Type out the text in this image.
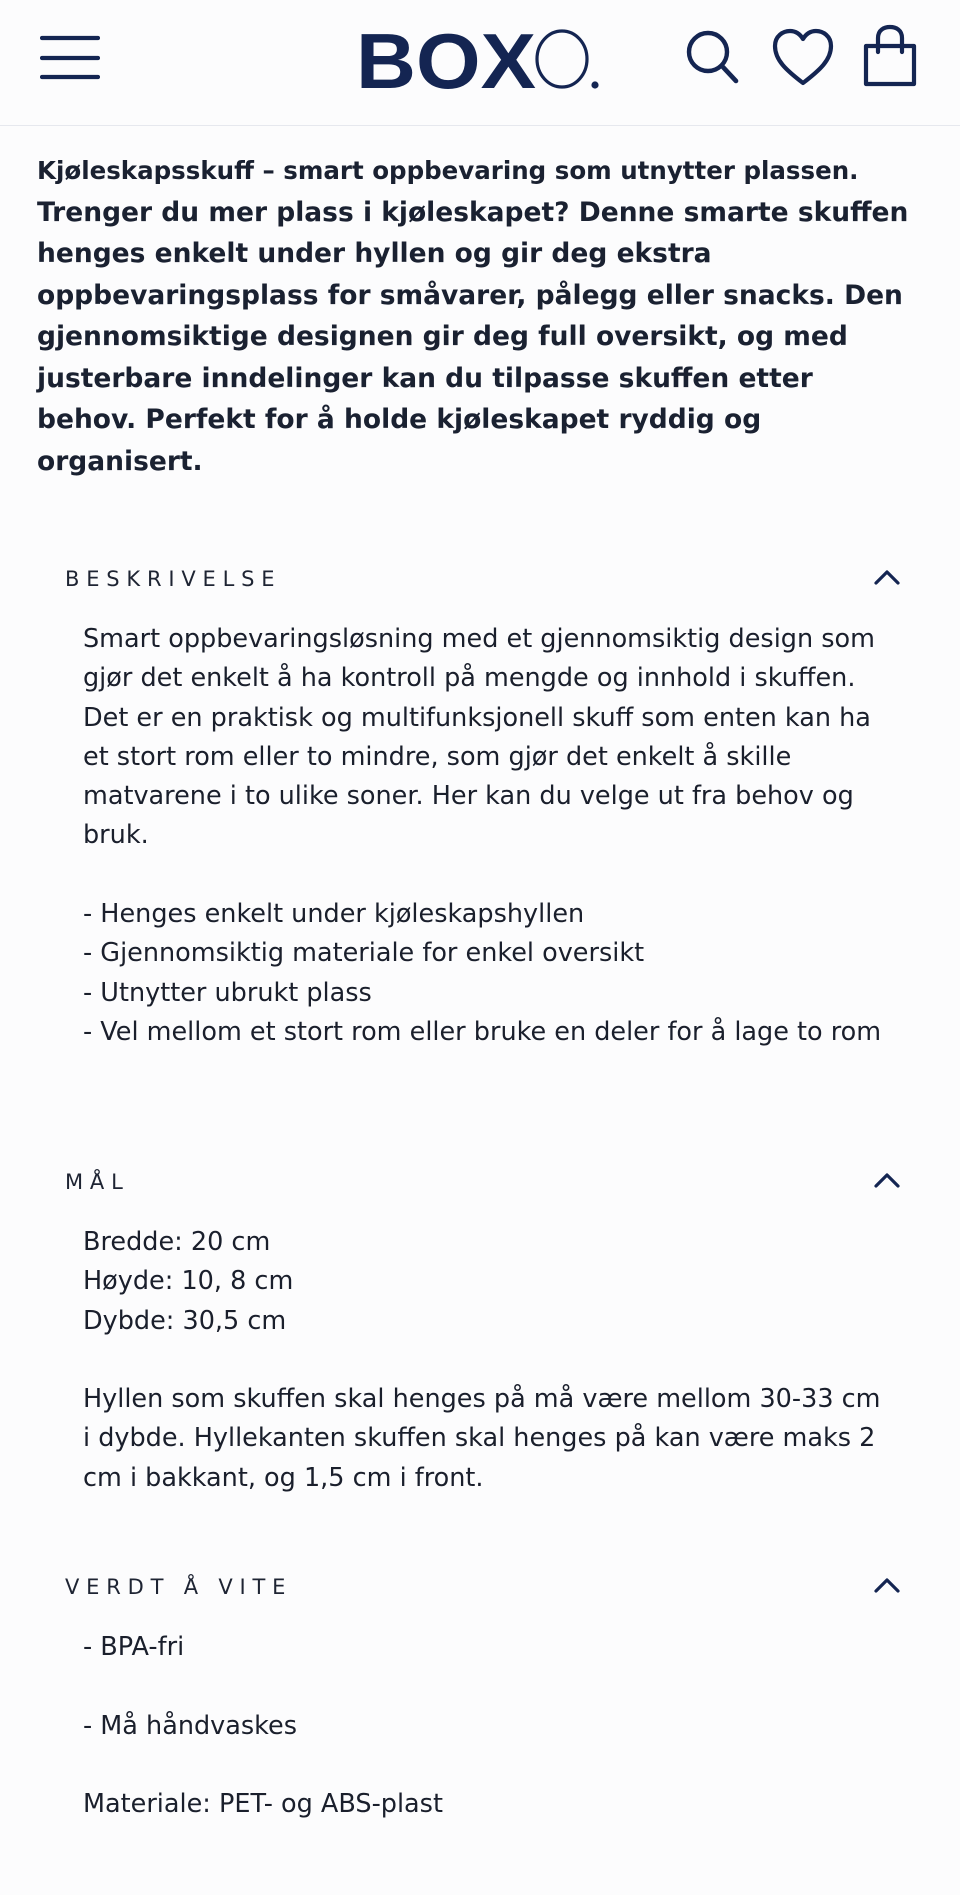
BOX
Kjøleskapsskuff – smart oppbevaring som utnytter plassen. Trenger du mer plass i kjøleskapet? Denne smarte skuffen henges enkelt under hyllen og gir deg ekstra oppbevaringsplass for småvarer, pålegg eller snacks. Den gjennomsiktige designen gir deg full oversikt, og med justerbare inndelinger kan du tilpasse skuffen etter behov. Perfekt for å holde kjøleskapet ryddig og organisert.
BESKRIVELSE

Smart oppbevaringsløsning med et gjennomsiktig design som gjør det enkelt å ha kontroll på mengde og innhold i skuffen. Det er en praktisk og multifunksjonell skuff som enten kan ha et stort rom eller to mindre, som gjør det enkelt å skille matvarene i to ulike soner. Her kan du velge ut fra behov og bruk.

- Henges enkelt under kjøleskapshyllen

- Gjennomsiktig materiale for enkel oversikt

- Utnytter ubrukt plass

- Vel mellom et stort rom eller bruke en deler for å lage to rom

MÅL

Bredde: 20 cm

Høyde: 10, 8 cm

Dybde: 30,5 cm

Hyllen som skuffen skal henges på må være mellom 30-33 cm i dybde. Hyllekanten skuffen skal henges på kan være maks 2 cm i bakkant, og 1,5 cm i front.

VERDT Å VITE

- BPA-fri

- Må håndvaskes

Materiale: PET- og ABS-plast
